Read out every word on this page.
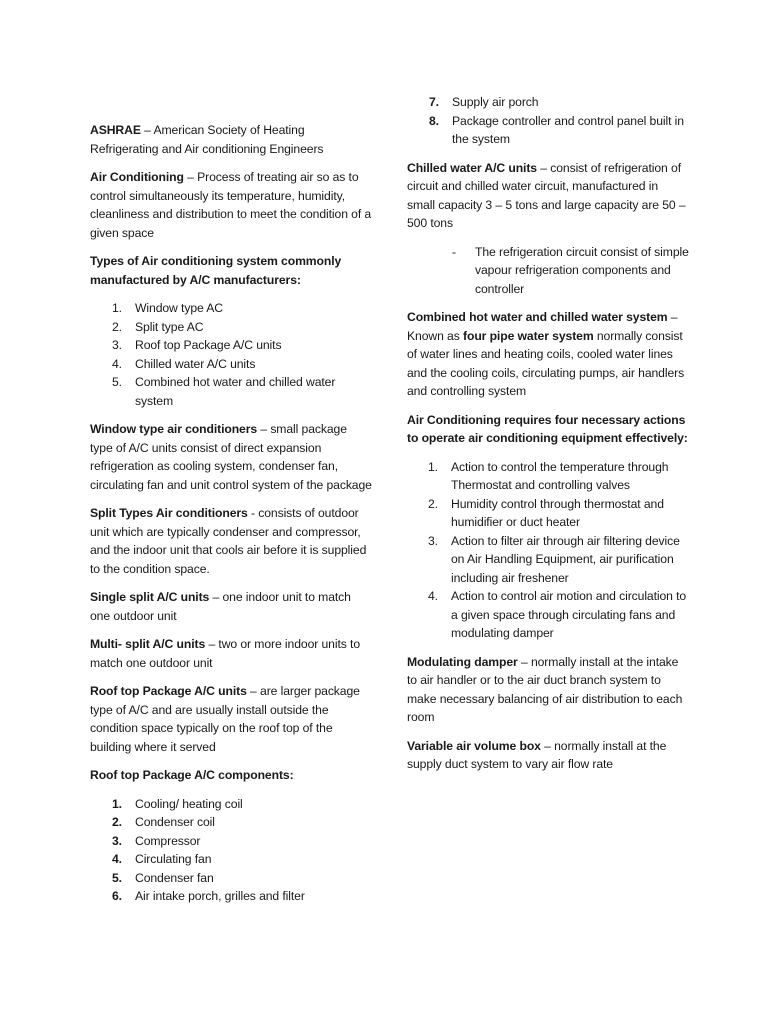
ASHRAE – American Society of Heating Refrigerating and Air conditioning Engineers

Air Conditioning – Process of treating air so as to control simultaneously its temperature, humidity, cleanliness and distribution to meet the condition of a given space

Types of Air conditioning system commonly manufactured by A/C manufacturers:

1. Window type AC
2. Split type AC
3. Roof top Package A/C units
4. Chilled water A/C units
5. Combined hot water and chilled water system

Window type air conditioners – small package type of A/C units consist of direct expansion refrigeration as cooling system, condenser fan, circulating fan and unit control system of the package

Split Types Air conditioners - consists of outdoor unit which are typically condenser and compressor, and the indoor unit that cools air before it is supplied to the condition space.

Single split A/C units – one indoor unit to match one outdoor unit

Multi- split A/C units – two or more indoor units to match one outdoor unit

Roof top Package A/C units – are larger package type of A/C and are usually install outside the condition space typically on the roof top of the building where it served

Roof top Package A/C components:

1. Cooling/ heating coil
2. Condenser coil
3. Compressor
4. Circulating fan
5. Condenser fan
6. Air intake porch, grilles and filter
7. Supply air porch
8. Package controller and control panel built in the system

Chilled water A/C units – consist of refrigeration of circuit and chilled water circuit, manufactured in small capacity 3 – 5 tons and large capacity are 50 – 500 tons

- The refrigeration circuit consist of simple vapour refrigeration components and controller

Combined hot water and chilled water system – Known as four pipe water system normally consist of water lines and heating coils, cooled water lines and the cooling coils, circulating pumps, air handlers and controlling system

Air Conditioning requires four necessary actions to operate air conditioning equipment effectively:

1. Action to control the temperature through Thermostat and controlling valves
2. Humidity control through thermostat and humidifier or duct heater
3. Action to filter air through air filtering device on Air Handling Equipment, air purification including air freshener
4. Action to control air motion and circulation to a given space through circulating fans and modulating damper

Modulating damper – normally install at the intake to air handler or to the air duct branch system to make necessary balancing of air distribution to each room

Variable air volume box – normally install at the supply duct system to vary air flow rate
